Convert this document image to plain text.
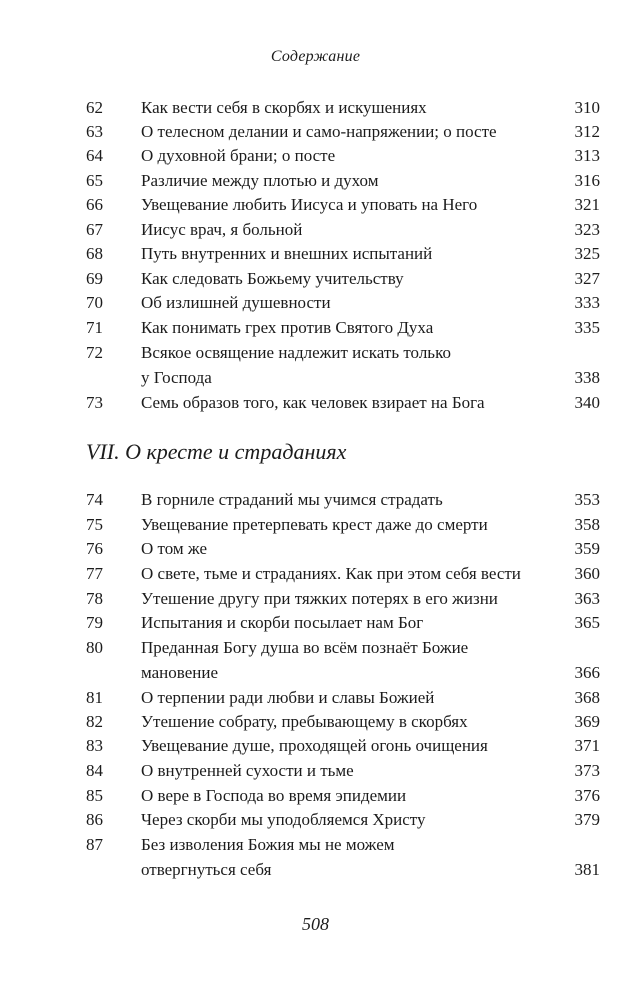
Содержание
62	Как вести себя в скорбях и искушениях	310
63	О телесном делании и само-напряжении; о посте	312
64	О духовной брани; о посте	313
65	Различие между плотью и духом	316
66	Увещевание любить Иисуса и уповать на Него	321
67	Иисус врач, я больной	323
68	Путь внутренних и внешних испытаний	325
69	Как следовать Божьему учительству	327
70	Об излишней душевности	333
71	Как понимать грех против Святого Духа	335
72	Всякое освящение надлежит искать только
у Господа	338
73	Семь образов того, как человек взирает на Бога	340
VII. О кресте и страданиях
74	В горниле страданий мы учимся страдать	353
75	Увещевание претерпевать крест даже до смерти	358
76	О том же	359
77	О свете, тьме и страданиях. Как при этом себя вести	360
78	Утешение другу при тяжких потерях в его жизни	363
79	Испытания и скорби посылает нам Бог	365
80	Преданная Богу душа во всём познаёт Божие
мановение	366
81	О терпении ради любви и славы Божией	368
82	Утешение собрату, пребывающему в скорбях	369
83	Увещевание душе, проходящей огонь очищения	371
84	О внутренней сухости и тьме	373
85	О вере в Господа во время эпидемии	376
86	Через скорби мы уподобляемся Христу	379
87	Без изволения Божия мы не можем
отвергнуться себя	381
508
